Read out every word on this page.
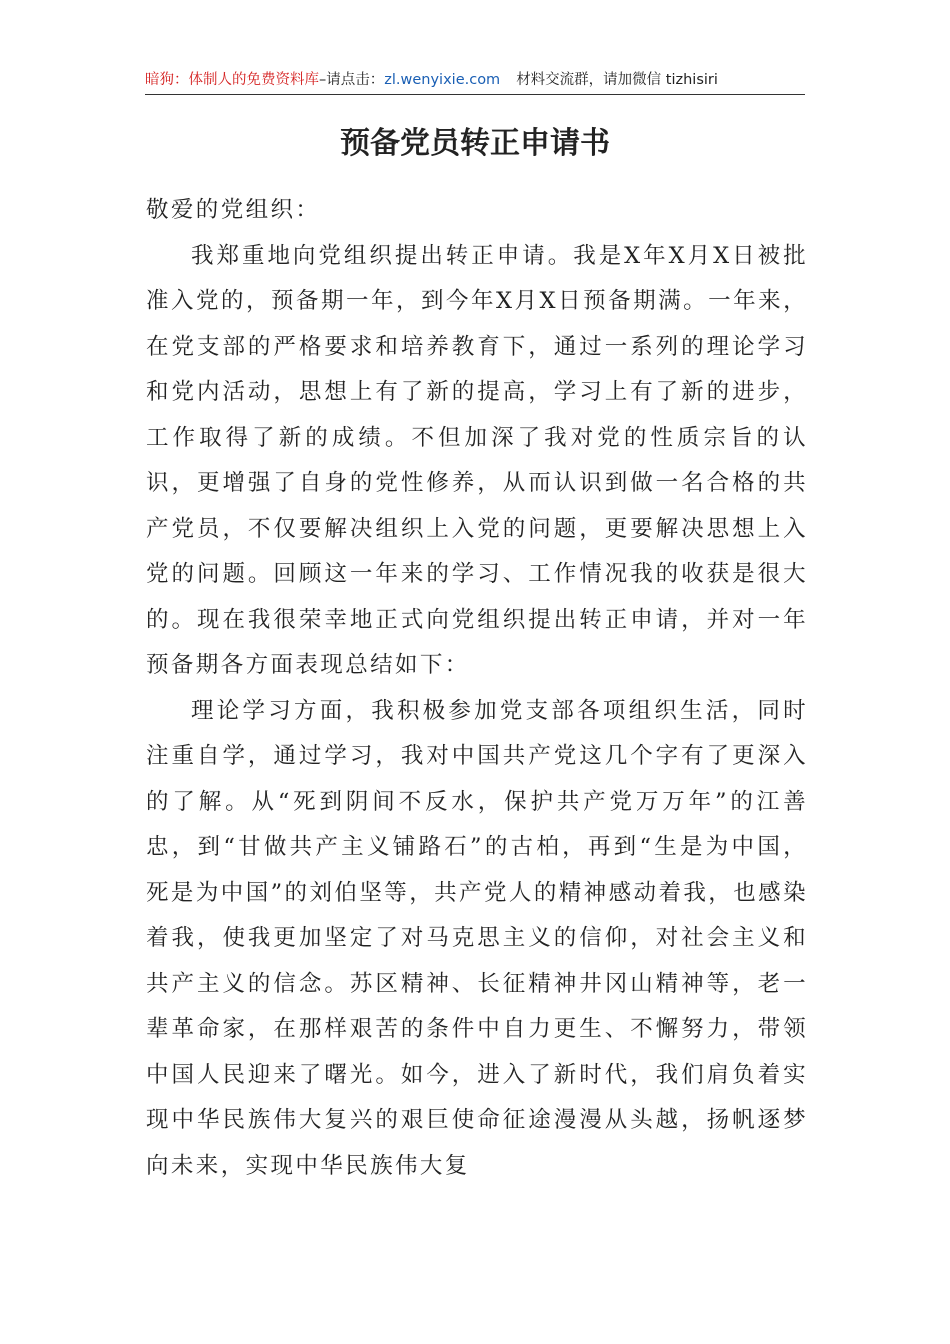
暗狗：体制人的免费资料库–请点击：zl.wenyixie.com 材料交流群，请加微信 tizhisiri
预备党员转正申请书

敬爱的党组织：

我郑重地向党组织提出转正申请。我是X年X月X日被批准入党的，预备期一年，到今年X月X日预备期满。一年来，在党支部的严格要求和培养教育下，通过一系列的理论学习和党内活动，思想上有了新的提高，学习上有了新的进步，工作取得了新的成绩。不但加深了我对党的性质宗旨的认识，更增强了自身的党性修养，从而认识到做一名合格的共产党员，不仅要解决组织上入党的问题，更要解决思想上入党的问题。回顾这一年来的学习、工作情况我的收获是很大的。现在我很荣幸地正式向党组织提出转正申请，并对一年预备期各方面表现总结如下：

理论学习方面，我积极参加党支部各项组织生活，同时注重自学，通过学习，我对中国共产党这几个字有了更深入的了解。从“死到阴间不反水，保护共产党万万年”的江善忠，到“甘做共产主义铺路石”的古柏，再到“生是为中国，死是为中国”的刘伯坚等，共产党人的精神感动着我，也感染着我，使我更加坚定了对马克思主义的信仰，对社会主义和共产主义的信念。苏区精神、长征精神井冈山精神等，老一辈革命家，在那样艰苦的条件中自力更生、不懈努力，带领中国人民迎来了曙光。如今，进入了新时代，我们肩负着实现中华民族伟大复兴的艰巨使命征途漫漫从头越，扬帆逐梦向未来，实现中华民族伟大复
